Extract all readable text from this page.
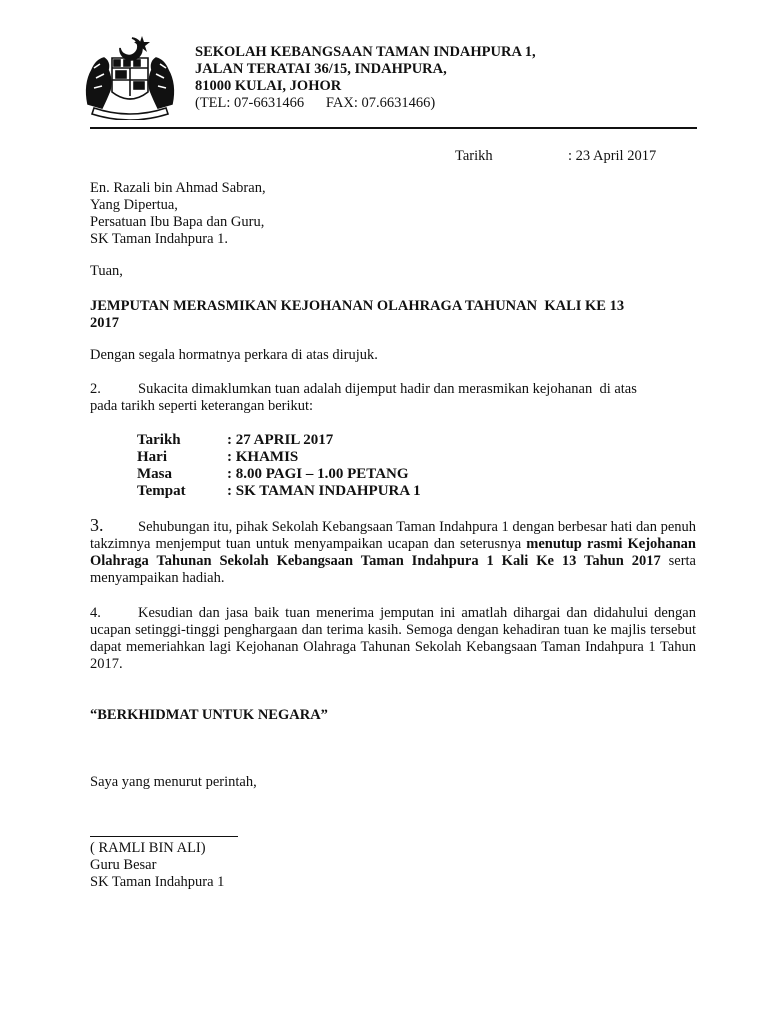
SEKOLAH KEBANGSAAN TAMAN INDAHPURA 1,
JALAN TERATAI 36/15, INDAHPURA,
81000 KULAI, JOHOR
(TEL: 07-6631466      FAX: 07.6631466)
Tarikh	: 23 April 2017
En. Razali bin Ahmad Sabran,
Yang Dipertua,
Persatuan Ibu Bapa dan Guru,
SK Taman Indahpura 1.
Tuan,
JEMPUTAN MERASMIKAN KEJOHANAN OLAHRAGA TAHUNAN  KALI KE 13
2017
Dengan segala hormatnya perkara di atas dirujuk.
2.	Sukacita dimaklumkan tuan adalah dijemput hadir dan merasmikan kejohanan  di atas
pada tarikh seperti keterangan berikut:
Tarikh	: 27 APRIL 2017
Hari	: KHAMIS
Masa	: 8.00 PAGI – 1.00 PETANG
Tempat	: SK TAMAN INDAHPURA 1
3. Sehubungan itu, pihak Sekolah Kebangsaan Taman Indahpura 1 dengan berbesar hati dan penuh takzimnya menjemput tuan untuk menyampaikan ucapan dan seterusnya menutup rasmi Kejohanan Olahraga Tahunan Sekolah Kebangsaan Taman Indahpura 1 Kali Ke 13 Tahun 2017 serta menyampaikan hadiah.
4.	Kesudian dan jasa baik tuan menerima jemputan ini amatlah dihargai dan didahului dengan ucapan setinggi-tinggi penghargaan dan terima kasih. Semoga dengan kehadiran tuan ke majlis tersebut dapat memeriahkan lagi Kejohanan Olahraga Tahunan Sekolah Kebangsaan Taman Indahpura 1 Tahun 2017.
“BERKHIDMAT UNTUK NEGARA”
Saya yang menurut perintah,
( RAMLI BIN ALI)
Guru Besar
SK Taman Indahpura 1
